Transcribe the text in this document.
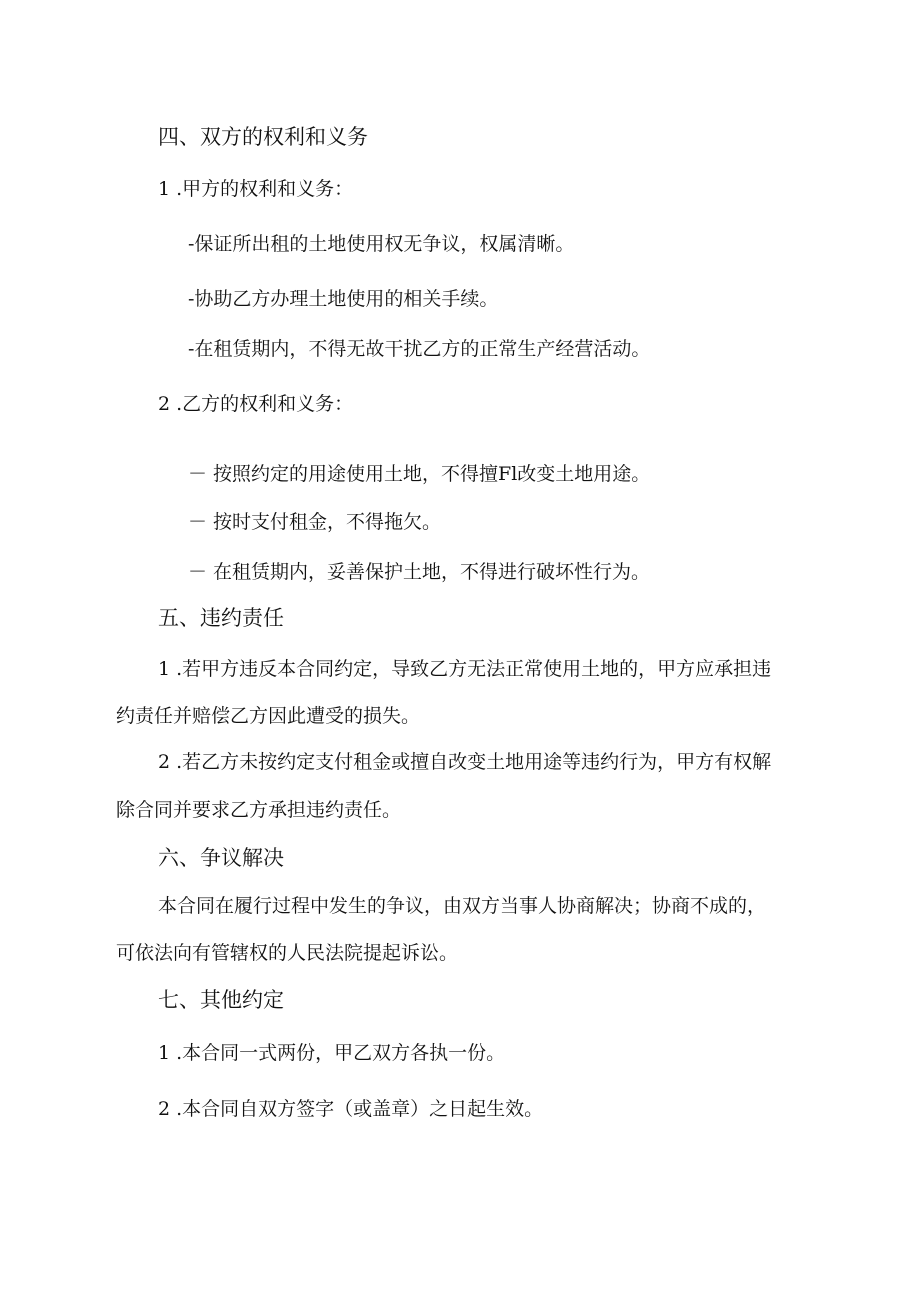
四、双方的权利和义务
1 .甲方的权利和义务：
-保证所出租的土地使用权无争议，权属清晰。
-协助乙方办理土地使用的相关手续。
-在租赁期内，不得无故干扰乙方的正常生产经营活动。
2 .乙方的权利和义务：
－ 按照约定的用途使用土地，不得擅Fl改变土地用途。
－ 按时支付租金，不得拖欠。
－ 在租赁期内，妥善保护土地，不得进行破坏性行为。
五、违约责任
1 .若甲方违反本合同约定，导致乙方无法正常使用土地的，甲方应承担违
约责任并赔偿乙方因此遭受的损失。
2 .若乙方未按约定支付租金或擅自改变土地用途等违约行为，甲方有权解
除合同并要求乙方承担违约责任。
六、争议解决
本合同在履行过程中发生的争议，由双方当事人协商解决；协商不成的，
可依法向有管辖权的人民法院提起诉讼。
七、其他约定
1 .本合同一式两份，甲乙双方各执一份。
2 .本合同自双方签字（或盖章）之日起生效。
